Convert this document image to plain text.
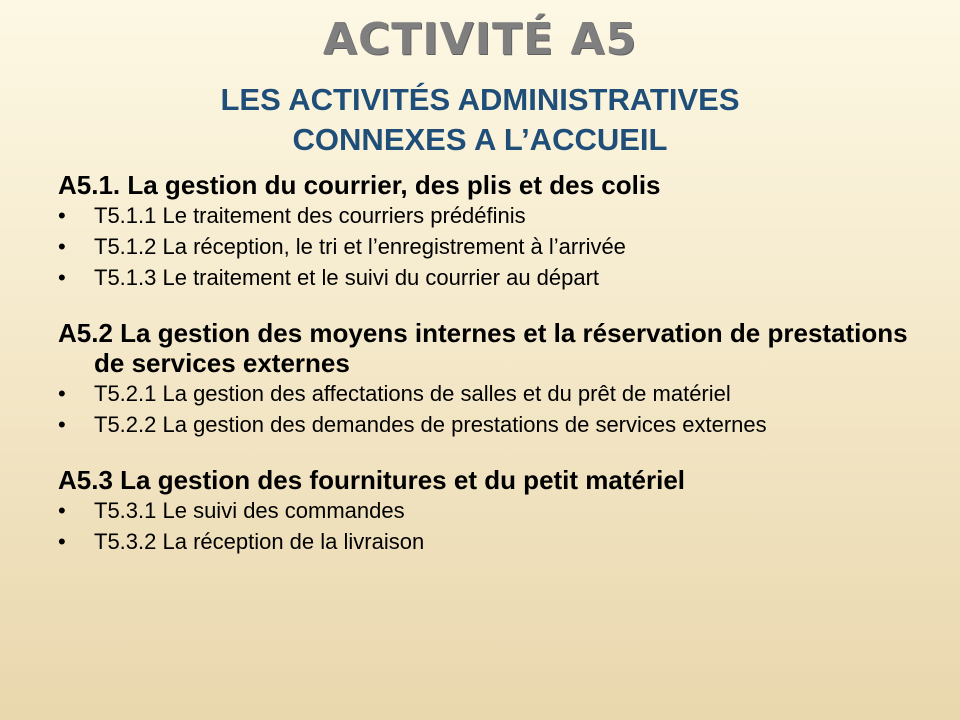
ACTIVITÉ A5
LES ACTIVITÉS ADMINISTRATIVES
CONNEXES A L’ACCUEIL
A5.1. La gestion du courrier, des plis et des colis
• T5.1.1 Le traitement des courriers prédéfinis
• T5.1.2 La réception, le tri et l’enregistrement à l’arrivée
• T5.1.3 Le traitement et le suivi du courrier au départ
A5.2 La gestion des moyens internes et la réservation de prestations de services externes
• T5.2.1 La gestion des affectations de salles et du prêt de matériel
• T5.2.2 La gestion des demandes de prestations de services externes
A5.3 La gestion des fournitures et du petit matériel
• T5.3.1 Le suivi des commandes
• T5.3.2 La réception de la livraison
